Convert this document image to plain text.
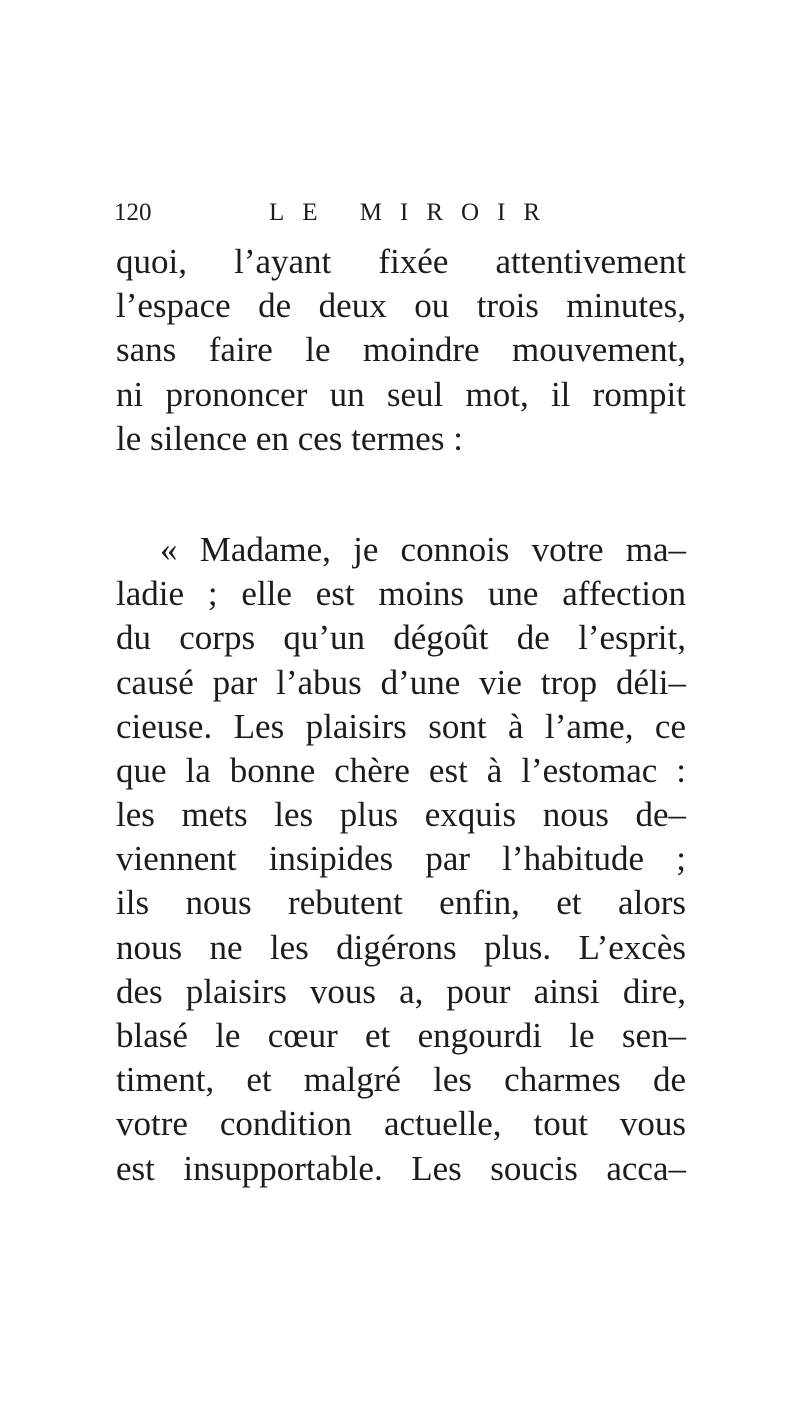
120	LE MIROIR
quoi, l’ayant fixée attentivement
l’espace de deux ou trois minutes,
sans faire le moindre mouvement,
ni prononcer un seul mot, il rompit
le silence en ces termes :
« Madame, je connois votre ma–
ladie ; elle est moins une affection
du corps qu’un dégoût de l’esprit,
causé par l’abus d’une vie trop déli–
cieuse. Les plaisirs sont à l’ame, ce
que la bonne chère est à l’estomac :
les mets les plus exquis nous de–
viennent insipides par l’habitude ;
ils nous rebutent enfin, et alors
nous ne les digérons plus. L’excès
des plaisirs vous a, pour ainsi dire,
blasé le cœur et engourdi le sen–
timent, et malgré les charmes de
votre condition actuelle, tout vous
est insupportable. Les soucis acca–
